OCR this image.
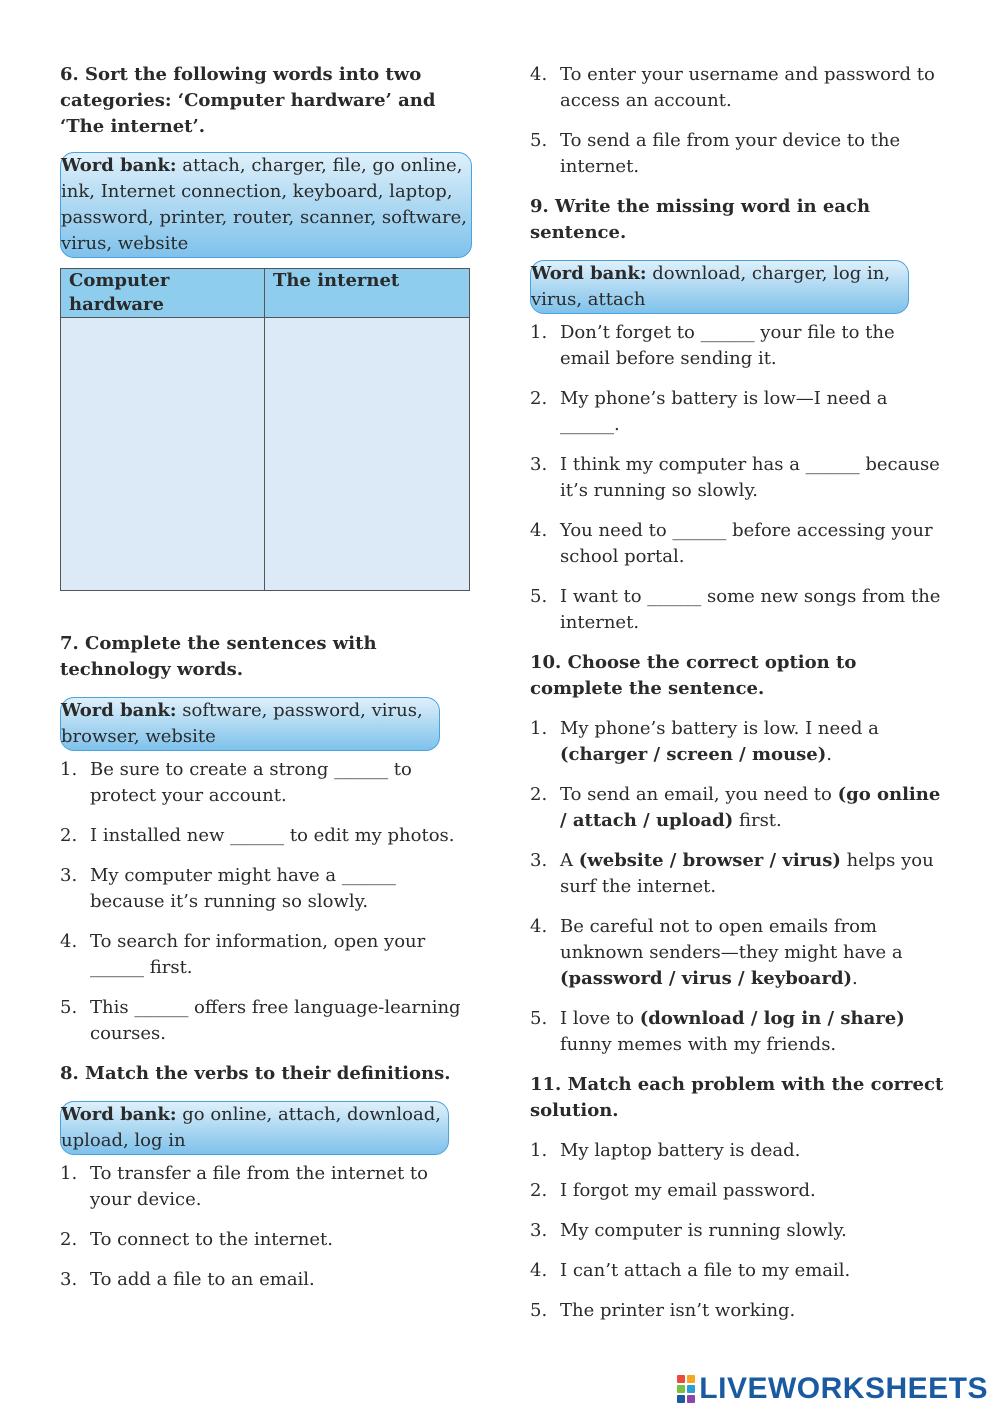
6. Sort the following words into two categories: ‘Computer hardware’ and ‘The internet’.

Word bank: attach, charger, file, go online, ink, Internet connection, keyboard, laptop, password, printer, router, scanner, software, virus, website
Computer hardware	The internet

7. Complete the sentences with technology words.

Word bank: software, password, virus, browser, website
1. Be sure to create a strong ______ to protect your account.
2. I installed new ______ to edit my photos.
3. My computer might have a ______ because it’s running so slowly.
4. To search for information, open your ______ first.
5. This ______ offers free language-learning courses.

8. Match the verbs to their definitions.

Word bank: go online, attach, download, upload, log in
1. To transfer a file from the internet to your device.
2. To connect to the internet.
3. To add a file to an email.
4. To enter your username and password to access an account.
5. To send a file from your device to the internet.

9. Write the missing word in each sentence.

Word bank: download, charger, log in, virus, attach
1. Don’t forget to ______ your file to the email before sending it.
2. My phone’s battery is low—I need a ______.
3. I think my computer has a ______ because it’s running so slowly.
4. You need to ______ before accessing your school portal.
5. I want to ______ some new songs from the internet.

10. Choose the correct option to complete the sentence.

1. My phone’s battery is low. I need a (charger / screen / mouse).
2. To send an email, you need to (go online / attach / upload) first.
3. A (website / browser / virus) helps you surf the internet.
4. Be careful not to open emails from unknown senders—they might have a (password / virus / keyboard).
5. I love to (download / log in / share) funny memes with my friends.

11. Match each problem with the correct solution.

1. My laptop battery is dead.
2. I forgot my email password.
3. My computer is running slowly.
4. I can’t attach a file to my email.
5. The printer isn’t working.
LIVEWORKSHEETS
